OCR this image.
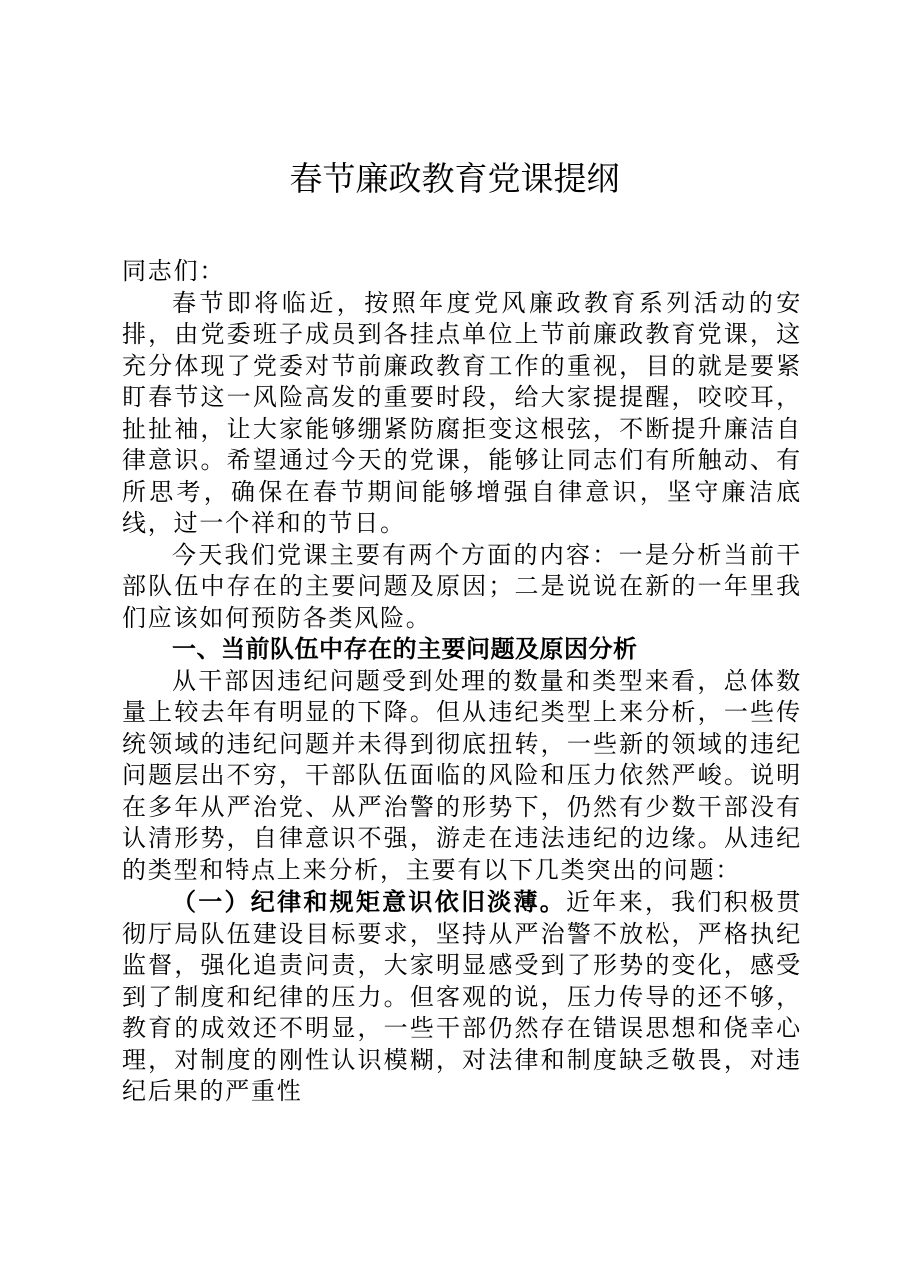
春节廉政教育党课提纲

同志们：

春节即将临近，按照年度党风廉政教育系列活动的安排，由党委班子成员到各挂点单位上节前廉政教育党课，这充分体现了党委对节前廉政教育工作的重视，目的就是要紧盯春节这一风险高发的重要时段，给大家提提醒，咬咬耳，扯扯袖，让大家能够绷紧防腐拒变这根弦，不断提升廉洁自律意识。希望通过今天的党课，能够让同志们有所触动、有所思考，确保在春节期间能够增强自律意识，坚守廉洁底线，过一个祥和的节日。

今天我们党课主要有两个方面的内容：一是分析当前干部队伍中存在的主要问题及原因；二是说说在新的一年里我们应该如何预防各类风险。

一、当前队伍中存在的主要问题及原因分析

从干部因违纪问题受到处理的数量和类型来看，总体数量上较去年有明显的下降。但从违纪类型上来分析，一些传统领域的违纪问题并未得到彻底扭转，一些新的领域的违纪问题层出不穷，干部队伍面临的风险和压力依然严峻。说明在多年从严治党、从严治警的形势下，仍然有少数干部没有认清形势，自律意识不强，游走在违法违纪的边缘。从违纪的类型和特点上来分析，主要有以下几类突出的问题：

（一）纪律和规矩意识依旧淡薄。近年来，我们积极贯彻厅局队伍建设目标要求，坚持从严治警不放松，严格执纪监督，强化追责问责，大家明显感受到了形势的变化，感受到了制度和纪律的压力。但客观的说，压力传导的还不够，教育的成效还不明显，一些干部仍然存在错误思想和侥幸心理，对制度的刚性认识模糊，对法律和制度缺乏敬畏，对违纪后果的严重性
